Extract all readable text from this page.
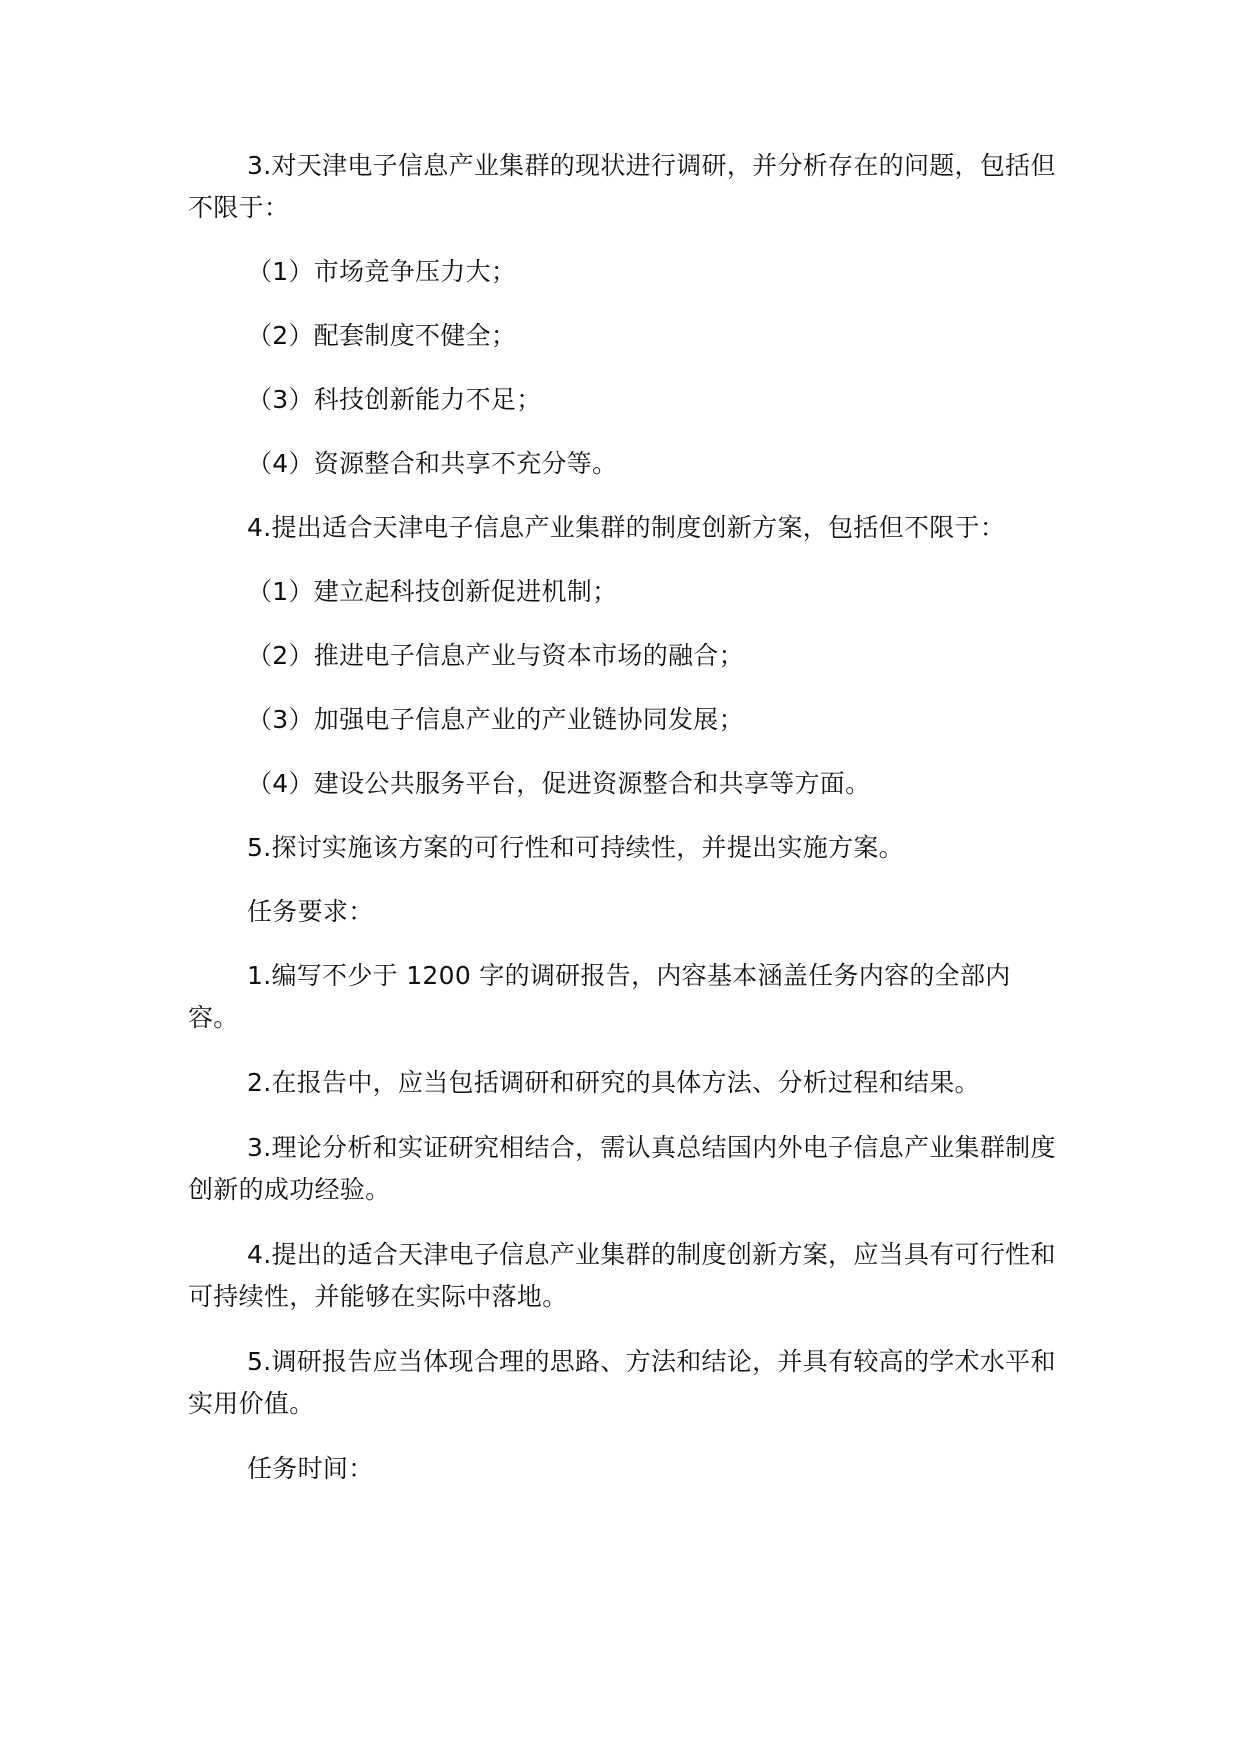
3.对天津电子信息产业集群的现状进行调研，并分析存在的问题，包括但不限于：

（1）市场竞争压力大；

（2）配套制度不健全；

（3）科技创新能力不足；

（4）资源整合和共享不充分等。

4.提出适合天津电子信息产业集群的制度创新方案，包括但不限于：

（1）建立起科技创新促进机制；

（2）推进电子信息产业与资本市场的融合；

（3）加强电子信息产业的产业链协同发展；

（4）建设公共服务平台，促进资源整合和共享等方面。

5.探讨实施该方案的可行性和可持续性，并提出实施方案。

任务要求：

1.编写不少于 1200 字的调研报告，内容基本涵盖任务内容的全部内容。

2.在报告中，应当包括调研和研究的具体方法、分析过程和结果。

3.理论分析和实证研究相结合，需认真总结国内外电子信息产业集群制度创新的成功经验。

4.提出的适合天津电子信息产业集群的制度创新方案，应当具有可行性和可持续性，并能够在实际中落地。

5.调研报告应当体现合理的思路、方法和结论，并具有较高的学术水平和实用价值。

任务时间：
